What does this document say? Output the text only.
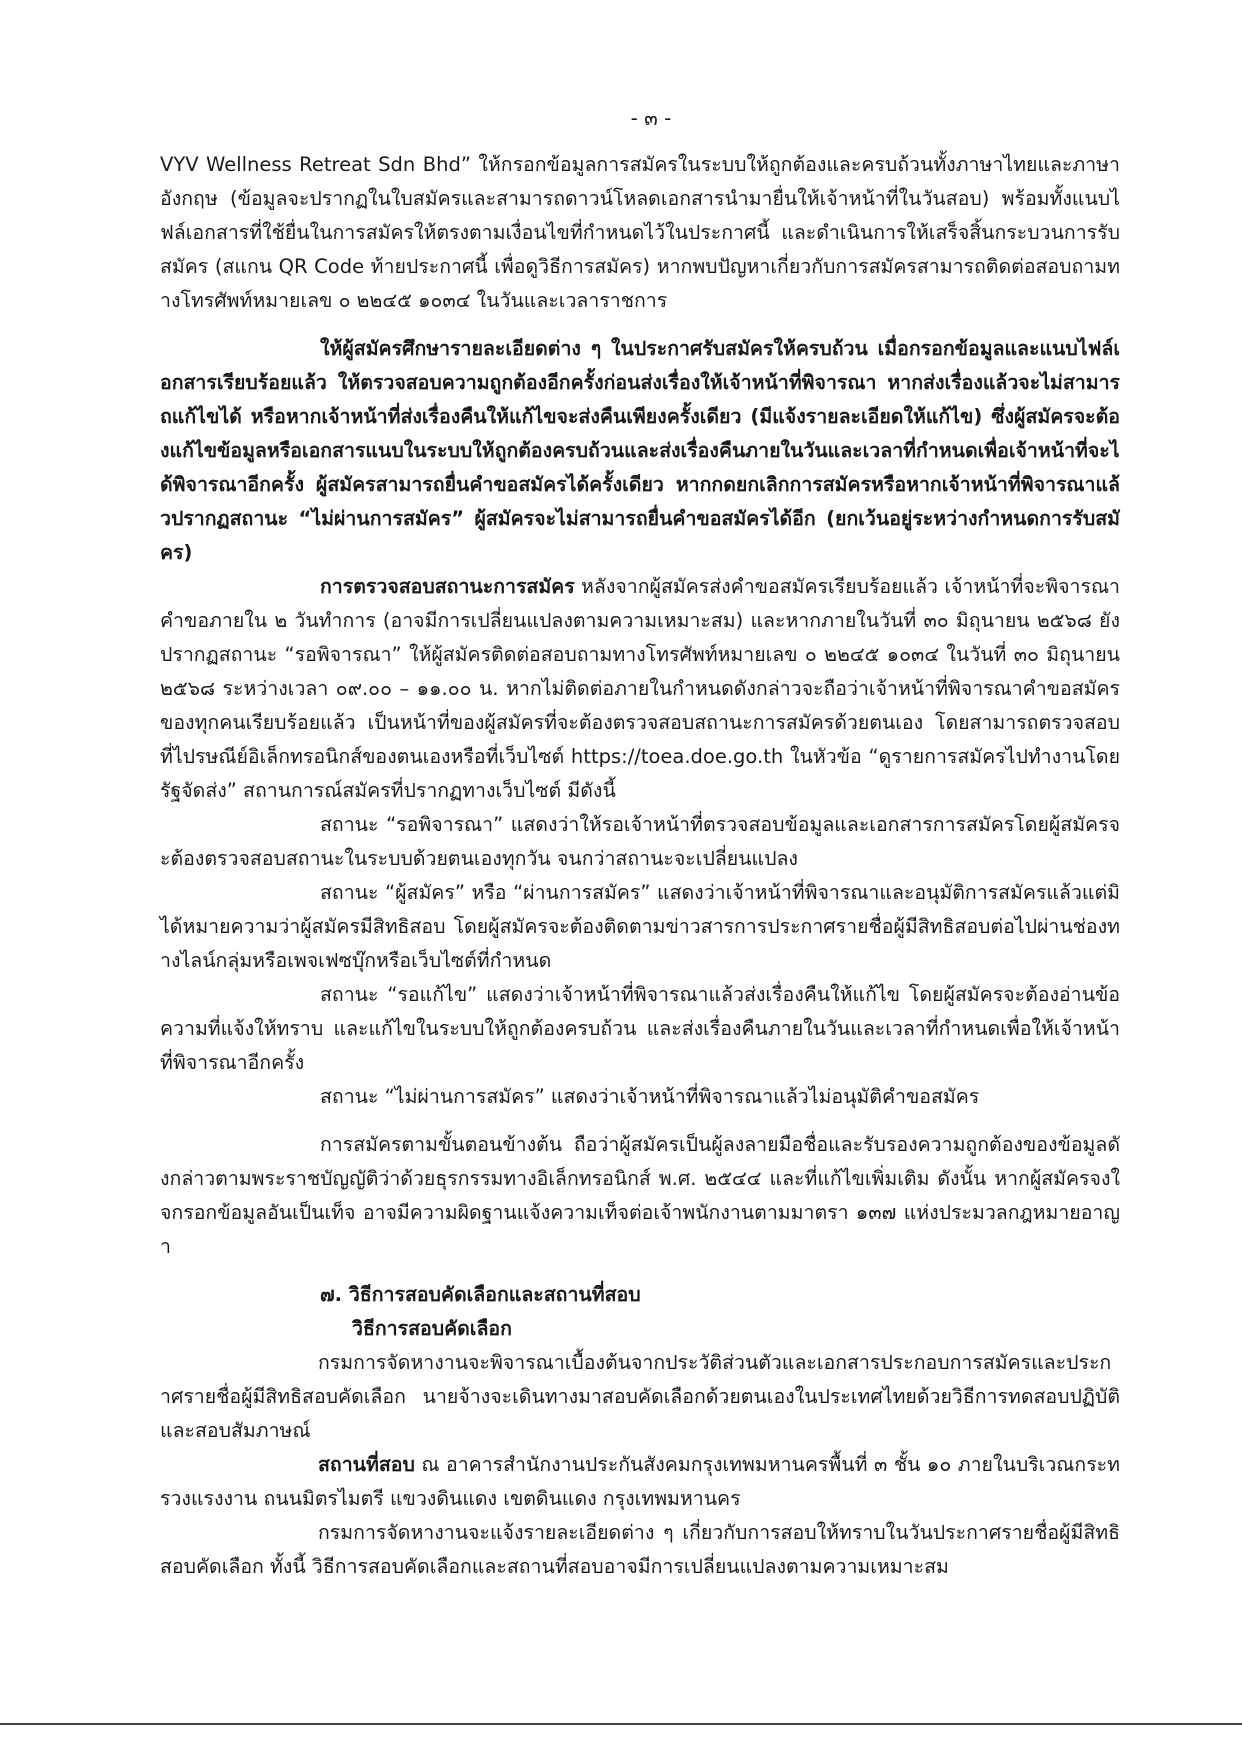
- ๓ -

VYV Wellness Retreat Sdn Bhd” ให้กรอกข้อมูลการสมัครในระบบให้ถูกต้องและครบถ้วนทั้งภาษาไทยและภาษาอังกฤษ (ข้อมูลจะปรากฏในใบสมัครและสามารถดาวน์โหลดเอกสารนำมายื่นให้เจ้าหน้าที่ในวันสอบ) พร้อมทั้งแนบไฟล์เอกสารที่ใช้ยื่นในการสมัครให้ตรงตามเงื่อนไขที่กำหนดไว้ในประกาศนี้ และดำเนินการให้เสร็จสิ้นกระบวนการรับสมัคร (สแกน QR Code ท้ายประกาศนี้ เพื่อดูวิธีการสมัคร) หากพบปัญหาเกี่ยวกับการสมัครสามารถติดต่อสอบถามทางโทรศัพท์หมายเลข ๐ ๒๒๔๕ ๑๐๓๔ ในวันและเวลาราชการ

ให้ผู้สมัครศึกษารายละเอียดต่าง ๆ ในประกาศรับสมัครให้ครบถ้วน เมื่อกรอกข้อมูลและแนบไฟล์เอกสารเรียบร้อยแล้ว ให้ตรวจสอบความถูกต้องอีกครั้งก่อนส่งเรื่องให้เจ้าหน้าที่พิจารณา หากส่งเรื่องแล้วจะไม่สามารถแก้ไขได้ หรือหากเจ้าหน้าที่ส่งเรื่องคืนให้แก้ไขจะส่งคืนเพียงครั้งเดียว (มีแจ้งรายละเอียดให้แก้ไข) ซึ่งผู้สมัครจะต้องแก้ไขข้อมูลหรือเอกสารแนบในระบบให้ถูกต้องครบถ้วนและส่งเรื่องคืนภายในวันและเวลาที่กำหนดเพื่อเจ้าหน้าที่จะได้พิจารณาอีกครั้ง ผู้สมัครสามารถยื่นคำขอสมัครได้ครั้งเดียว หากกดยกเลิกการสมัครหรือหากเจ้าหน้าที่พิจารณาแล้วปรากฏสถานะ “ไม่ผ่านการสมัคร” ผู้สมัครจะไม่สามารถยื่นคำขอสมัครได้อีก (ยกเว้นอยู่ระหว่างกำหนดการรับสมัคร)

การตรวจสอบสถานะการสมัคร หลังจากผู้สมัครส่งคำขอสมัครเรียบร้อยแล้ว เจ้าหน้าที่จะพิจารณาคำขอภายใน ๒ วันทำการ (อาจมีการเปลี่ยนแปลงตามความเหมาะสม) และหากภายในวันที่ ๓๐ มิถุนายน ๒๕๖๘ ยังปรากฏสถานะ “รอพิจารณา” ให้ผู้สมัครติดต่อสอบถามทางโทรศัพท์หมายเลข ๐ ๒๒๔๕ ๑๐๓๔ ในวันที่ ๓๐ มิถุนายน ๒๕๖๘ ระหว่างเวลา ๐๙.๐๐ – ๑๑.๐๐ น. หากไม่ติดต่อภายในกำหนดดังกล่าวจะถือว่าเจ้าหน้าที่พิจารณาคำขอสมัครของทุกคนเรียบร้อยแล้ว เป็นหน้าที่ของผู้สมัครที่จะต้องตรวจสอบสถานะการสมัครด้วยตนเอง โดยสามารถตรวจสอบที่ไปรษณีย์อิเล็กทรอนิกส์ของตนเองหรือที่เว็บไซต์ https://toea.doe.go.th ในหัวข้อ “ดูรายการสมัครไปทำงานโดยรัฐจัดส่ง” สถานการณ์สมัครที่ปรากฏทางเว็บไซต์ มีดังนี้

สถานะ “รอพิจารณา” แสดงว่าให้รอเจ้าหน้าที่ตรวจสอบข้อมูลและเอกสารการสมัครโดยผู้สมัครจะต้องตรวจสอบสถานะในระบบด้วยตนเองทุกวัน จนกว่าสถานะจะเปลี่ยนแปลง

สถานะ “ผู้สมัคร” หรือ “ผ่านการสมัคร” แสดงว่าเจ้าหน้าที่พิจารณาและอนุมัติการสมัครแล้วแต่มิได้หมายความว่าผู้สมัครมีสิทธิสอบ โดยผู้สมัครจะต้องติดตามข่าวสารการประกาศรายชื่อผู้มีสิทธิสอบต่อไปผ่านช่องทางไลน์กลุ่มหรือเพจเฟซบุ๊กหรือเว็บไซต์ที่กำหนด

สถานะ “รอแก้ไข” แสดงว่าเจ้าหน้าที่พิจารณาแล้วส่งเรื่องคืนให้แก้ไข โดยผู้สมัครจะต้องอ่านข้อความที่แจ้งให้ทราบ และแก้ไขในระบบให้ถูกต้องครบถ้วน และส่งเรื่องคืนภายในวันและเวลาที่กำหนดเพื่อให้เจ้าหน้าที่พิจารณาอีกครั้ง

สถานะ “ไม่ผ่านการสมัคร” แสดงว่าเจ้าหน้าที่พิจารณาแล้วไม่อนุมัติคำขอสมัคร

การสมัครตามขั้นตอนข้างต้น ถือว่าผู้สมัครเป็นผู้ลงลายมือชื่อและรับรองความถูกต้องของข้อมูลดังกล่าวตามพระราชบัญญัติว่าด้วยธุรกรรมทางอิเล็กทรอนิกส์ พ.ศ. ๒๕๔๔ และที่แก้ไขเพิ่มเติม ดังนั้น หากผู้สมัครจงใจกรอกข้อมูลอันเป็นเท็จ อาจมีความผิดฐานแจ้งความเท็จต่อเจ้าพนักงานตามมาตรา ๑๓๗ แห่งประมวลกฎหมายอาญา

๗. วิธีการสอบคัดเลือกและสถานที่สอบ

วิธีการสอบคัดเลือก

กรมการจัดหางานจะพิจารณาเบื้องต้นจากประวัติส่วนตัวและเอกสารประกอบการสมัครและประกาศรายชื่อผู้มีสิทธิสอบคัดเลือก นายจ้างจะเดินทางมาสอบคัดเลือกด้วยตนเองในประเทศไทยด้วยวิธีการทดสอบปฏิบัติและสอบสัมภาษณ์

สถานที่สอบ ณ อาคารสำนักงานประกันสังคมกรุงเทพมหานครพื้นที่ ๓ ชั้น ๑๐ ภายในบริเวณกระทรวงแรงงาน ถนนมิตรไมตรี แขวงดินแดง เขตดินแดง กรุงเทพมหานคร

กรมการจัดหางานจะแจ้งรายละเอียดต่าง ๆ เกี่ยวกับการสอบให้ทราบในวันประกาศรายชื่อผู้มีสิทธิสอบคัดเลือก ทั้งนี้ วิธีการสอบคัดเลือกและสถานที่สอบอาจมีการเปลี่ยนแปลงตามความเหมาะสม
